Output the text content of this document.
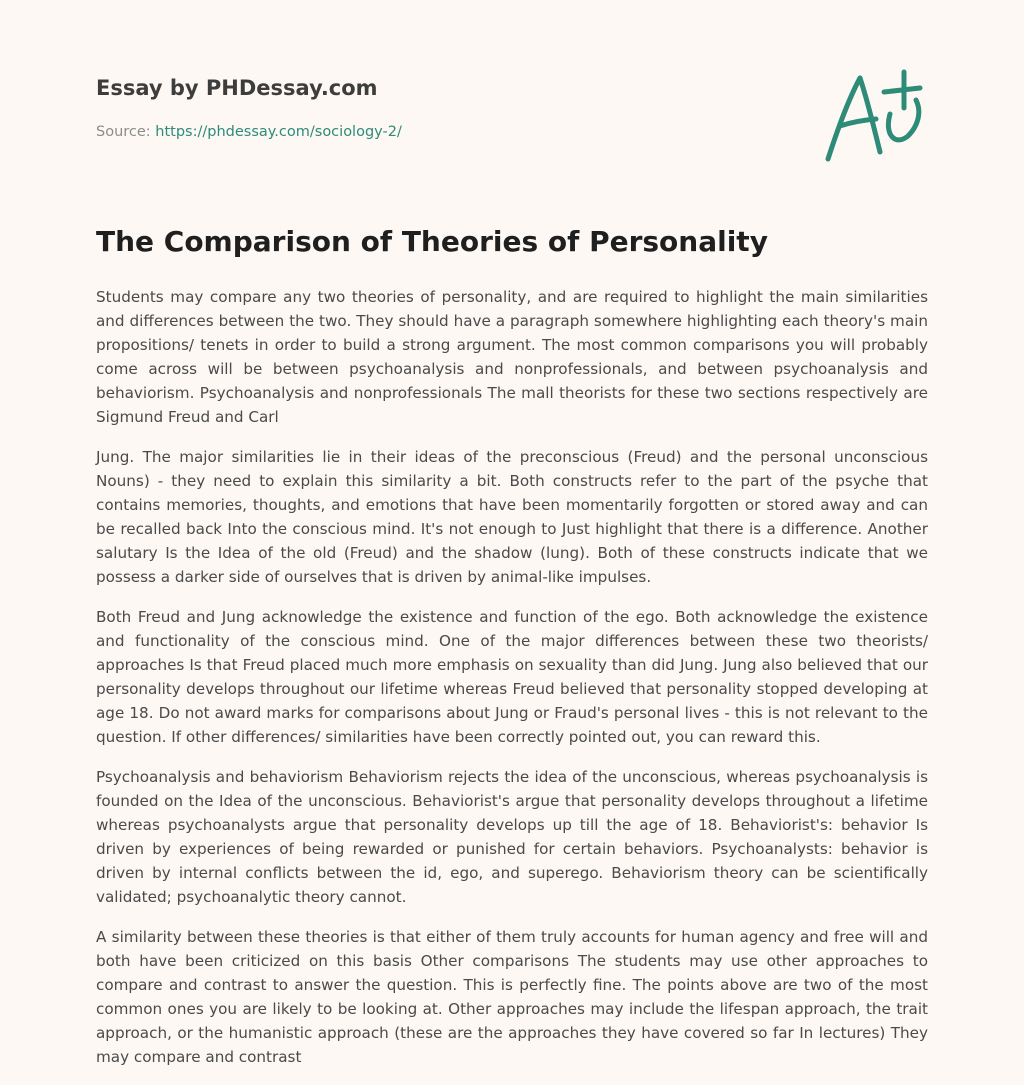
Essay by PHDessay.com
Source: https://phdessay.com/sociology-2/
The Comparison of Theories of Personality

Students may compare any two theories of personality, and are required to highlight the main similarities and differences between the two. They should have a paragraph somewhere highlighting each theory's main propositions/ tenets in order to build a strong argument. The most common comparisons you will probably come across will be between psychoanalysis and nonprofessionals, and between psychoanalysis and behaviorism. Psychoanalysis and nonprofessionals The mall theorists for these two sections respectively are Sigmund Freud and Carl

Jung. The major similarities lie in their ideas of the preconscious (Freud) and the personal unconscious Nouns) - they need to explain this similarity a bit. Both constructs refer to the part of the psyche that contains memories, thoughts, and emotions that have been momentarily forgotten or stored away and can be recalled back Into the conscious mind. It's not enough to Just highlight that there is a difference. Another salutary Is the Idea of the old (Freud) and the shadow (lung). Both of these constructs indicate that we possess a darker side of ourselves that is driven by animal-like impulses.

Both Freud and Jung acknowledge the existence and function of the ego. Both acknowledge the existence and functionality of the conscious mind. One of the major differences between these two theorists/ approaches Is that Freud placed much more emphasis on sexuality than did Jung. Jung also believed that our personality develops throughout our lifetime whereas Freud believed that personality stopped developing at age 18. Do not award marks for comparisons about Jung or Fraud's personal lives - this is not relevant to the question. If other differences/ similarities have been correctly pointed out, you can reward this.

Psychoanalysis and behaviorism Behaviorism rejects the idea of the unconscious, whereas psychoanalysis is founded on the Idea of the unconscious. Behaviorist's argue that personality develops throughout a lifetime whereas psychoanalysts argue that personality develops up till the age of 18. Behaviorist's: behavior Is driven by experiences of being rewarded or punished for certain behaviors. Psychoanalysts: behavior is driven by internal conflicts between the id, ego, and superego. Behaviorism theory can be scientifically validated; psychoanalytic theory cannot.

A similarity between these theories is that either of them truly accounts for human agency and free will and both have been criticized on this basis Other comparisons The students may use other approaches to compare and contrast to answer the question. This is perfectly fine. The points above are two of the most common ones you are likely to be looking at. Other approaches may include the lifespan approach, the trait approach, or the humanistic approach (these are the approaches they have covered so far In lectures) They may compare and contrast
